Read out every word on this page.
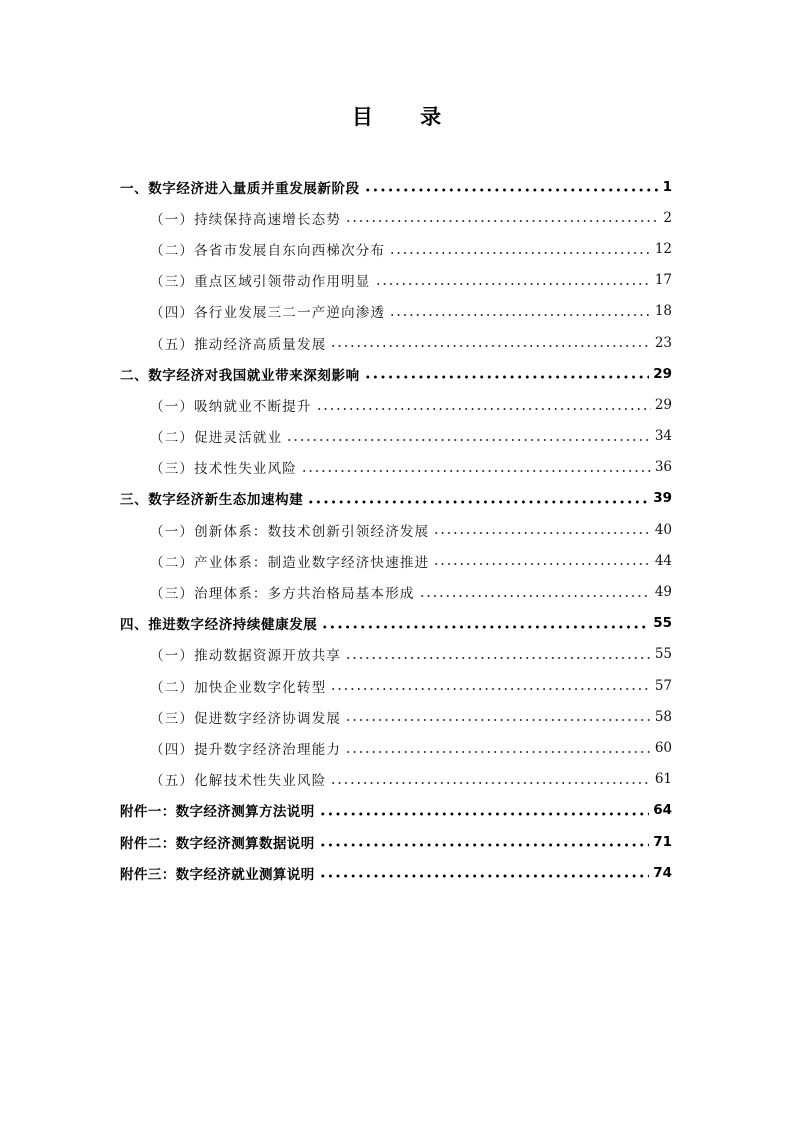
目 录
一、数字经济进入量质并重发展新阶段	1
（一）持续保持高速增长态势	2
（二）各省市发展自东向西梯次分布	12
（三）重点区域引领带动作用明显	17
（四）各行业发展三二一产逆向渗透	18
（五）推动经济高质量发展	23
二、数字经济对我国就业带来深刻影响	29
（一）吸纳就业不断提升	29
（二）促进灵活就业	34
（三）技术性失业风险	36
三、数字经济新生态加速构建	39
（一）创新体系：数技术创新引领经济发展	40
（二）产业体系：制造业数字经济快速推进	44
（三）治理体系：多方共治格局基本形成	49
四、推进数字经济持续健康发展	55
（一）推动数据资源开放共享	55
（二）加快企业数字化转型	57
（三）促进数字经济协调发展	58
（四）提升数字经济治理能力	60
（五）化解技术性失业风险	61
附件一：数字经济测算方法说明	64
附件二：数字经济测算数据说明	71
附件三：数字经济就业测算说明	74
